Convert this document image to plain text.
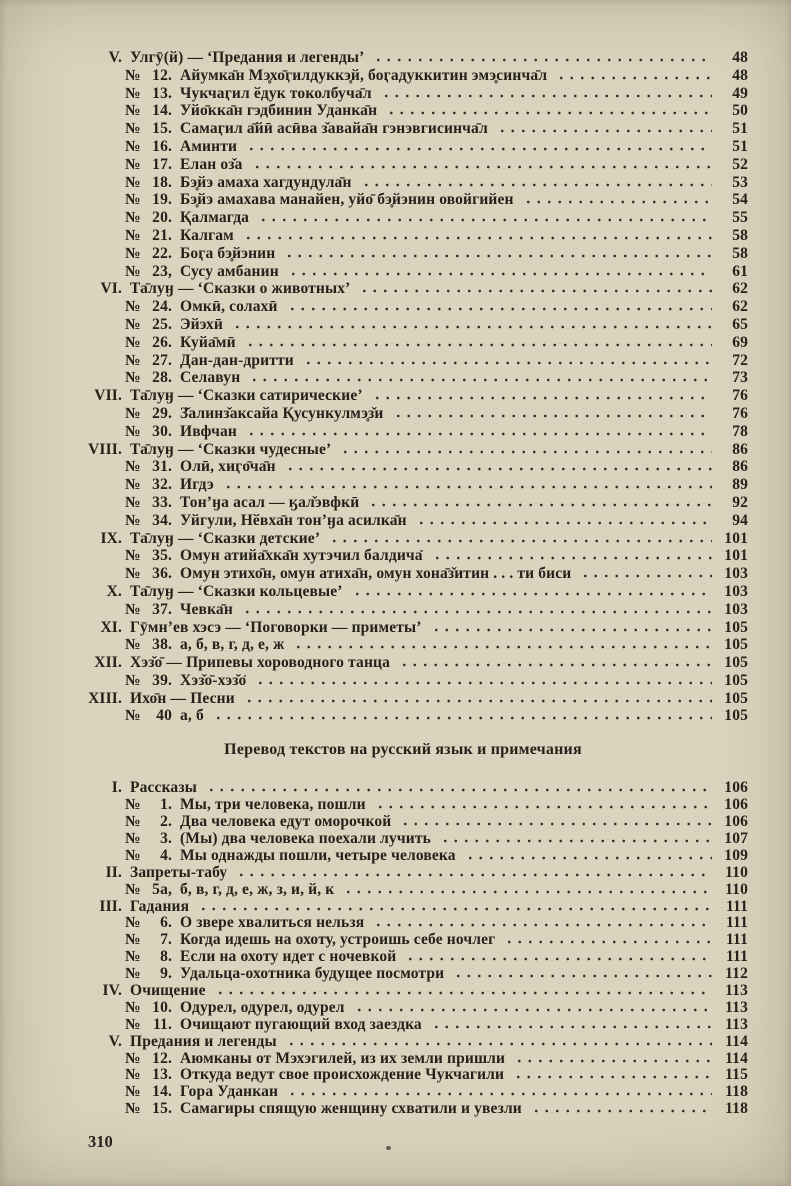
V. Улгӯ(й) — ʻПредания и легенды’	48
№ 12. Айумка̄н Мэ̥хо̄ӷилдуккэ̥й, боӷадуккитин эмэ̥синча̄л	48
№ 13. Чукчаӷил ӗдук токолбуча̄л	49
№ 14. Уйо̄кка̄н гэдбинин Уданка̄н	50
№ 15. Самаӷил а̄йӣ асӣва з̌авайа̄н гэнэвгисинча̄л	51
№ 16. Аминти	51
№ 17. Елан оз̌а	52
№ 18. Бэ̥йэ амаха хагдундула̄н	53
№ 19. Бэ̥йэ амахава манайен, уйо̄ бэ̥йэнин овойгийен	54
№ 20. Қалмагда	55
№ 21. Калгам	58
№ 22. Боӷа бэ̥йэнин	58
№ 23, Сусу амбанин	61
VI. Та̄луӈ — ʻСказки о животных’	62
№ 24. Омкӣ, солахӣ	62
№ 25. Эйэхӣ	65
№ 26. Куйа̄мӣ	69
№ 27. Дан-дан-дритти	72
№ 28. Селавун	73
VII. Та̄луӈ — ʻСказки сатирические’	76
№ 29. З̌алинз̌аксайа Қусункулмэ̥з̌и	76
№ 30. Ивфчан	78
VIII. Та̄луӈ — ʻСказки чудесные’	86
№ 31. Олӣ, хиӷо̄ча̄н	86
№ 32. Игдэ	89
№ 33. Тон’ӈа асал — ӄал̌эвфкӣ	92
№ 34. Уйгули, Нӗвха̄н тон’ӈа асилка̄н	94
IX. Та̄луӈ — ʻСказки детские’	101
№ 35. Омун атийа̄хка̄н хутэчил балдича̄	101
№ 36. Омун этихо̄н, омун атиха̄н, омун хона̄з̌итин . . . ти биси	103
X. Та̄луӈ — ʻСказки кольцевые’	103
№ 37. Чевка̄н	103
XI. Гӯмн’ев хэсэ — ʻПоговорки — приметы’	105
№ 38. а, б, в, г, д, е, ж	105
XII. Хэз̌о̄ — Припевы хороводного танца	105
№ 39. Хэз̌о̄-хэз̌о̄	105
XIII. Ихо̄н — Песни	105
№ 40 а, б	105
Перевод текстов на русский язык и примечания
I. Рассказы	106
№ 1. Мы, три человека, пошли	106
№ 2. Два человека едут оморочкой	106
№ 3. (Мы) два человека поехали лучить	107
№ 4. Мы однажды пошли, четыре человека	109
II. Запреты-табу	110
№ 5а, б, в, г, д, е, ж, з, и, й, к	110
III. Гадания	111
№ 6. О звере хвалиться нельзя	111
№ 7. Когда идешь на охоту, устроишь себе ночлег	111
№ 8. Если на охоту идет с ночевкой	111
№ 9. Удальца-охотника будущее посмотри	112
IV. Очищение	113
№ 10. Одурел, одурел, одурел	113
№ 11. Очищают пугающий вход заездка	113
V. Предания и легенды	114
№ 12. Аюмканы от Мэхэгилей, из их земли пришли	114
№ 13. Откуда ведут свое происхождение Чукчагили	115
№ 14. Гора Уданкан	118
№ 15. Самагиры спящую женщину схватили и увезли	118
310
